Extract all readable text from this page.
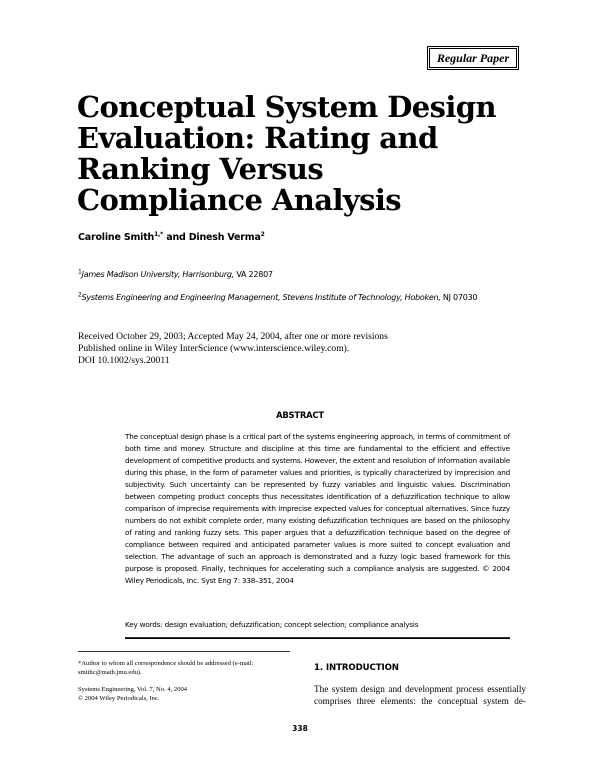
Regular Paper
Conceptual System Design
Evaluation: Rating and
Ranking Versus
Compliance Analysis
Caroline Smith$^{1,*}$ and Dinesh Verma$^2$
$^1$James Madison University, Harrisonburg, VA 22807
$^2$Systems Engineering and Engineering Management, Stevens Institute of Technology, Hoboken, NJ 07030
Received October 29, 2003; Accepted May 24, 2004, after one or more revisions
Published online in Wiley InterScience (www.interscience.wiley.com).
DOI 10.1002/sys.20011
ABSTRACT
The conceptual design phase is a critical part of the systems engineering approach, in terms of commitment of both time and money. Structure and discipline at this time are fundamental to the efficient and effective development of competitive products and systems. However, the extent and resolution of information available during this phase, in the form of parameter values and priorities, is typically characterized by imprecision and subjectivity. Such uncertainty can be represented by fuzzy variables and linguistic values. Discrimination between competing product concepts thus necessitates identification of a defuzzification technique to allow comparison of imprecise requirements with imprecise expected values for conceptual alternatives. Since fuzzy numbers do not exhibit complete order, many existing defuzzification techniques are based on the philosophy of rating and ranking fuzzy sets. This paper argues that a defuzzification technique based on the degree of compliance between required and anticipated parameter values is more suited to concept evaluation and selection. The advantage of such an approach is demonstrated and a fuzzy logic based framework for this purpose is proposed. Finally, techniques for accelerating such a compliance analysis are suggested. © 2004 Wiley Periodicals, Inc. Syst Eng 7: 338–351, 2004
Key words: design evaluation; defuzzification; concept selection; compliance analysis
*Author to whom all correspondence should be addressed (e-mail: smithc@math.jmu.edu).
Systems Engineering, Vol. 7, No. 4, 2004
© 2004 Wiley Periodicals, Inc.
1. INTRODUCTION
The system design and development process essentially
comprises three elements: the conceptual system de-
338
